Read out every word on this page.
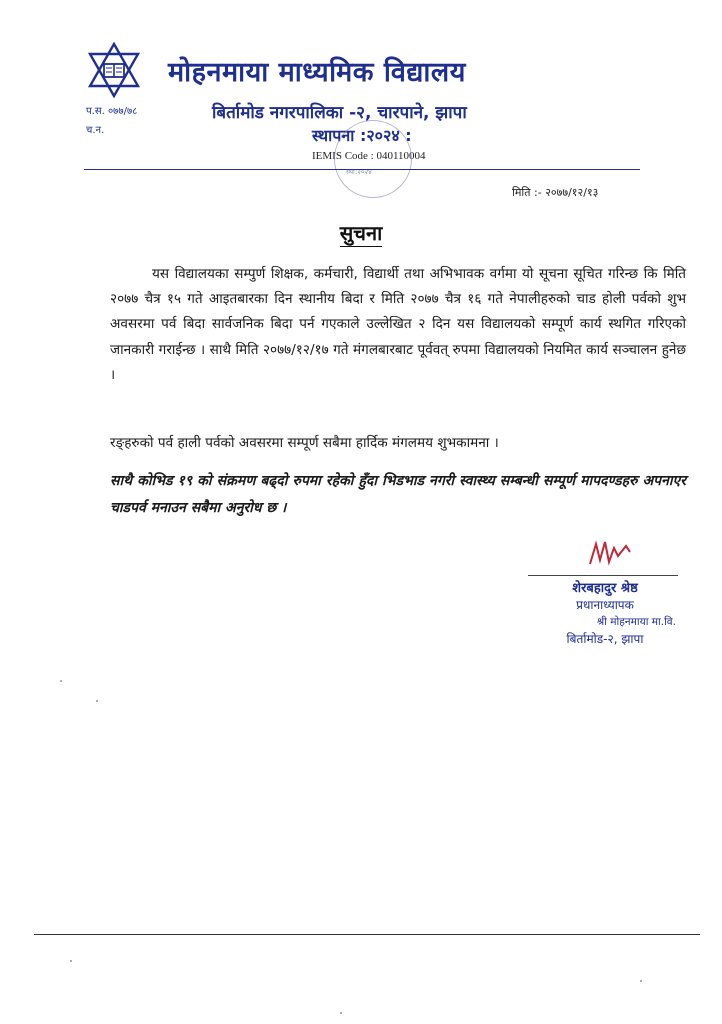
मोहनमाया माध्यमिक विद्यालय
बिर्तामोड नगरपालिका -२, चारपाने, झापा
स्थापना :२०२४ :
IEMIS Code : 040110004
प.स. ०७७/७८
च.न.
स्था:२०२४
मिति :- २०७७/१२/१३
सुचना
यस विद्यालयका सम्पुर्ण शिक्षक, कर्मचारी, विद्यार्थी तथा अभिभावक वर्गमा यो सूचना सूचित गरिन्छ कि मिति २०७७ चैत्र १५ गते आइतबारका दिन स्थानीय बिदा र मिति २०७७ चैत्र १६ गते नेपालीहरुको चाड होली पर्वको शुभ अवसरमा पर्व बिदा सार्वजनिक बिदा पर्न गएकाले उल्लेखित २ दिन यस विद्यालयको सम्पूर्ण कार्य स्थगित गरिएको जानकारी गराईन्छ । साथै मिति २०७७/१२/१७ गते मंगलबारबाट पूर्ववत् रुपमा विद्यालयको नियमित कार्य सञ्चालन हुनेछ ।
रङ्हरुको पर्व हाली पर्वको अवसरमा सम्पूर्ण सबैमा हार्दिक मंगलमय शुभकामना ।
साथै कोभिड १९ को संक्रमण बढ्दो रुपमा रहेको हुँदा भिडभाड नगरी स्वास्थ्य सम्बन्धी सम्पूर्ण मापदण्डहरु अपनाएर चाडपर्व मनाउन सबैमा अनुरोध छ ।
शेरबहादुर श्रेष्ठ
प्रधानाध्यापक
श्री मोहनमाया मा.वि.
बिर्तामोड-२, झापा
